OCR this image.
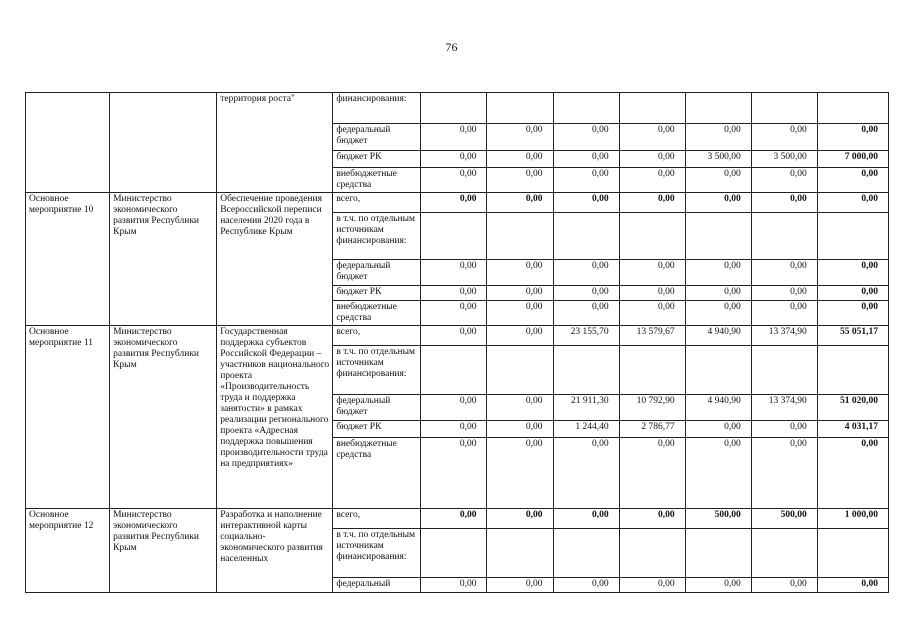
76
		территория роста"	финансирования:							
			федеральный бюджет	0,00	0,00	0,00	0,00	0,00	0,00	0,00
			бюджет РК	0,00	0,00	0,00	0,00	3 500,00	3 500,00	7 000,00
			внебюджетные средства	0,00	0,00	0,00	0,00	0,00	0,00	0,00
Основное мероприятие 10	Министерство экономического развития Республики Крым	Обеспечение проведения Всероссийской переписи населения 2020 года в Республике Крым	всего,	0,00	0,00	0,00	0,00	0,00	0,00	0,00
			в т.ч. по отдельным источникам финансирования:							
			федеральный бюджет	0,00	0,00	0,00	0,00	0,00	0,00	0,00
			бюджет РК	0,00	0,00	0,00	0,00	0,00	0,00	0,00
			внебюджетные средства	0,00	0,00	0,00	0,00	0,00	0,00	0,00
Основное мероприятие 11	Министерство экономического развития Республики Крым	Государственная поддержка субъектов Российской Федерации – участников национального проекта «Производительность труда и поддержка занятости» в рамках реализации регионального проекта «Адресная поддержка повышения производительности труда на предприятиях»	всего,	0,00	0,00	23 155,70	13 579,67	4 940,90	13 374,90	55 051,17
			в т.ч. по отдельным источникам финансирования:							
			федеральный бюджет	0,00	0,00	21 911,30	10 792,90	4 940,90	13 374,90	51 020,00
			бюджет РК	0,00	0,00	1 244,40	2 786,77	0,00	0,00	4 031,17
			внебюджетные средства	0,00	0,00	0,00	0,00	0,00	0,00	0,00
Основное мероприятие 12	Министерство экономического развития Республики Крым	Разработка и наполнение интерактивной карты социально-экономического развития населенных	всего,	0,00	0,00	0,00	0,00	500,00	500,00	1 000,00
			в т.ч. по отдельным источникам финансирования:							
			федеральный	0,00	0,00	0,00	0,00	0,00	0,00	0,00
